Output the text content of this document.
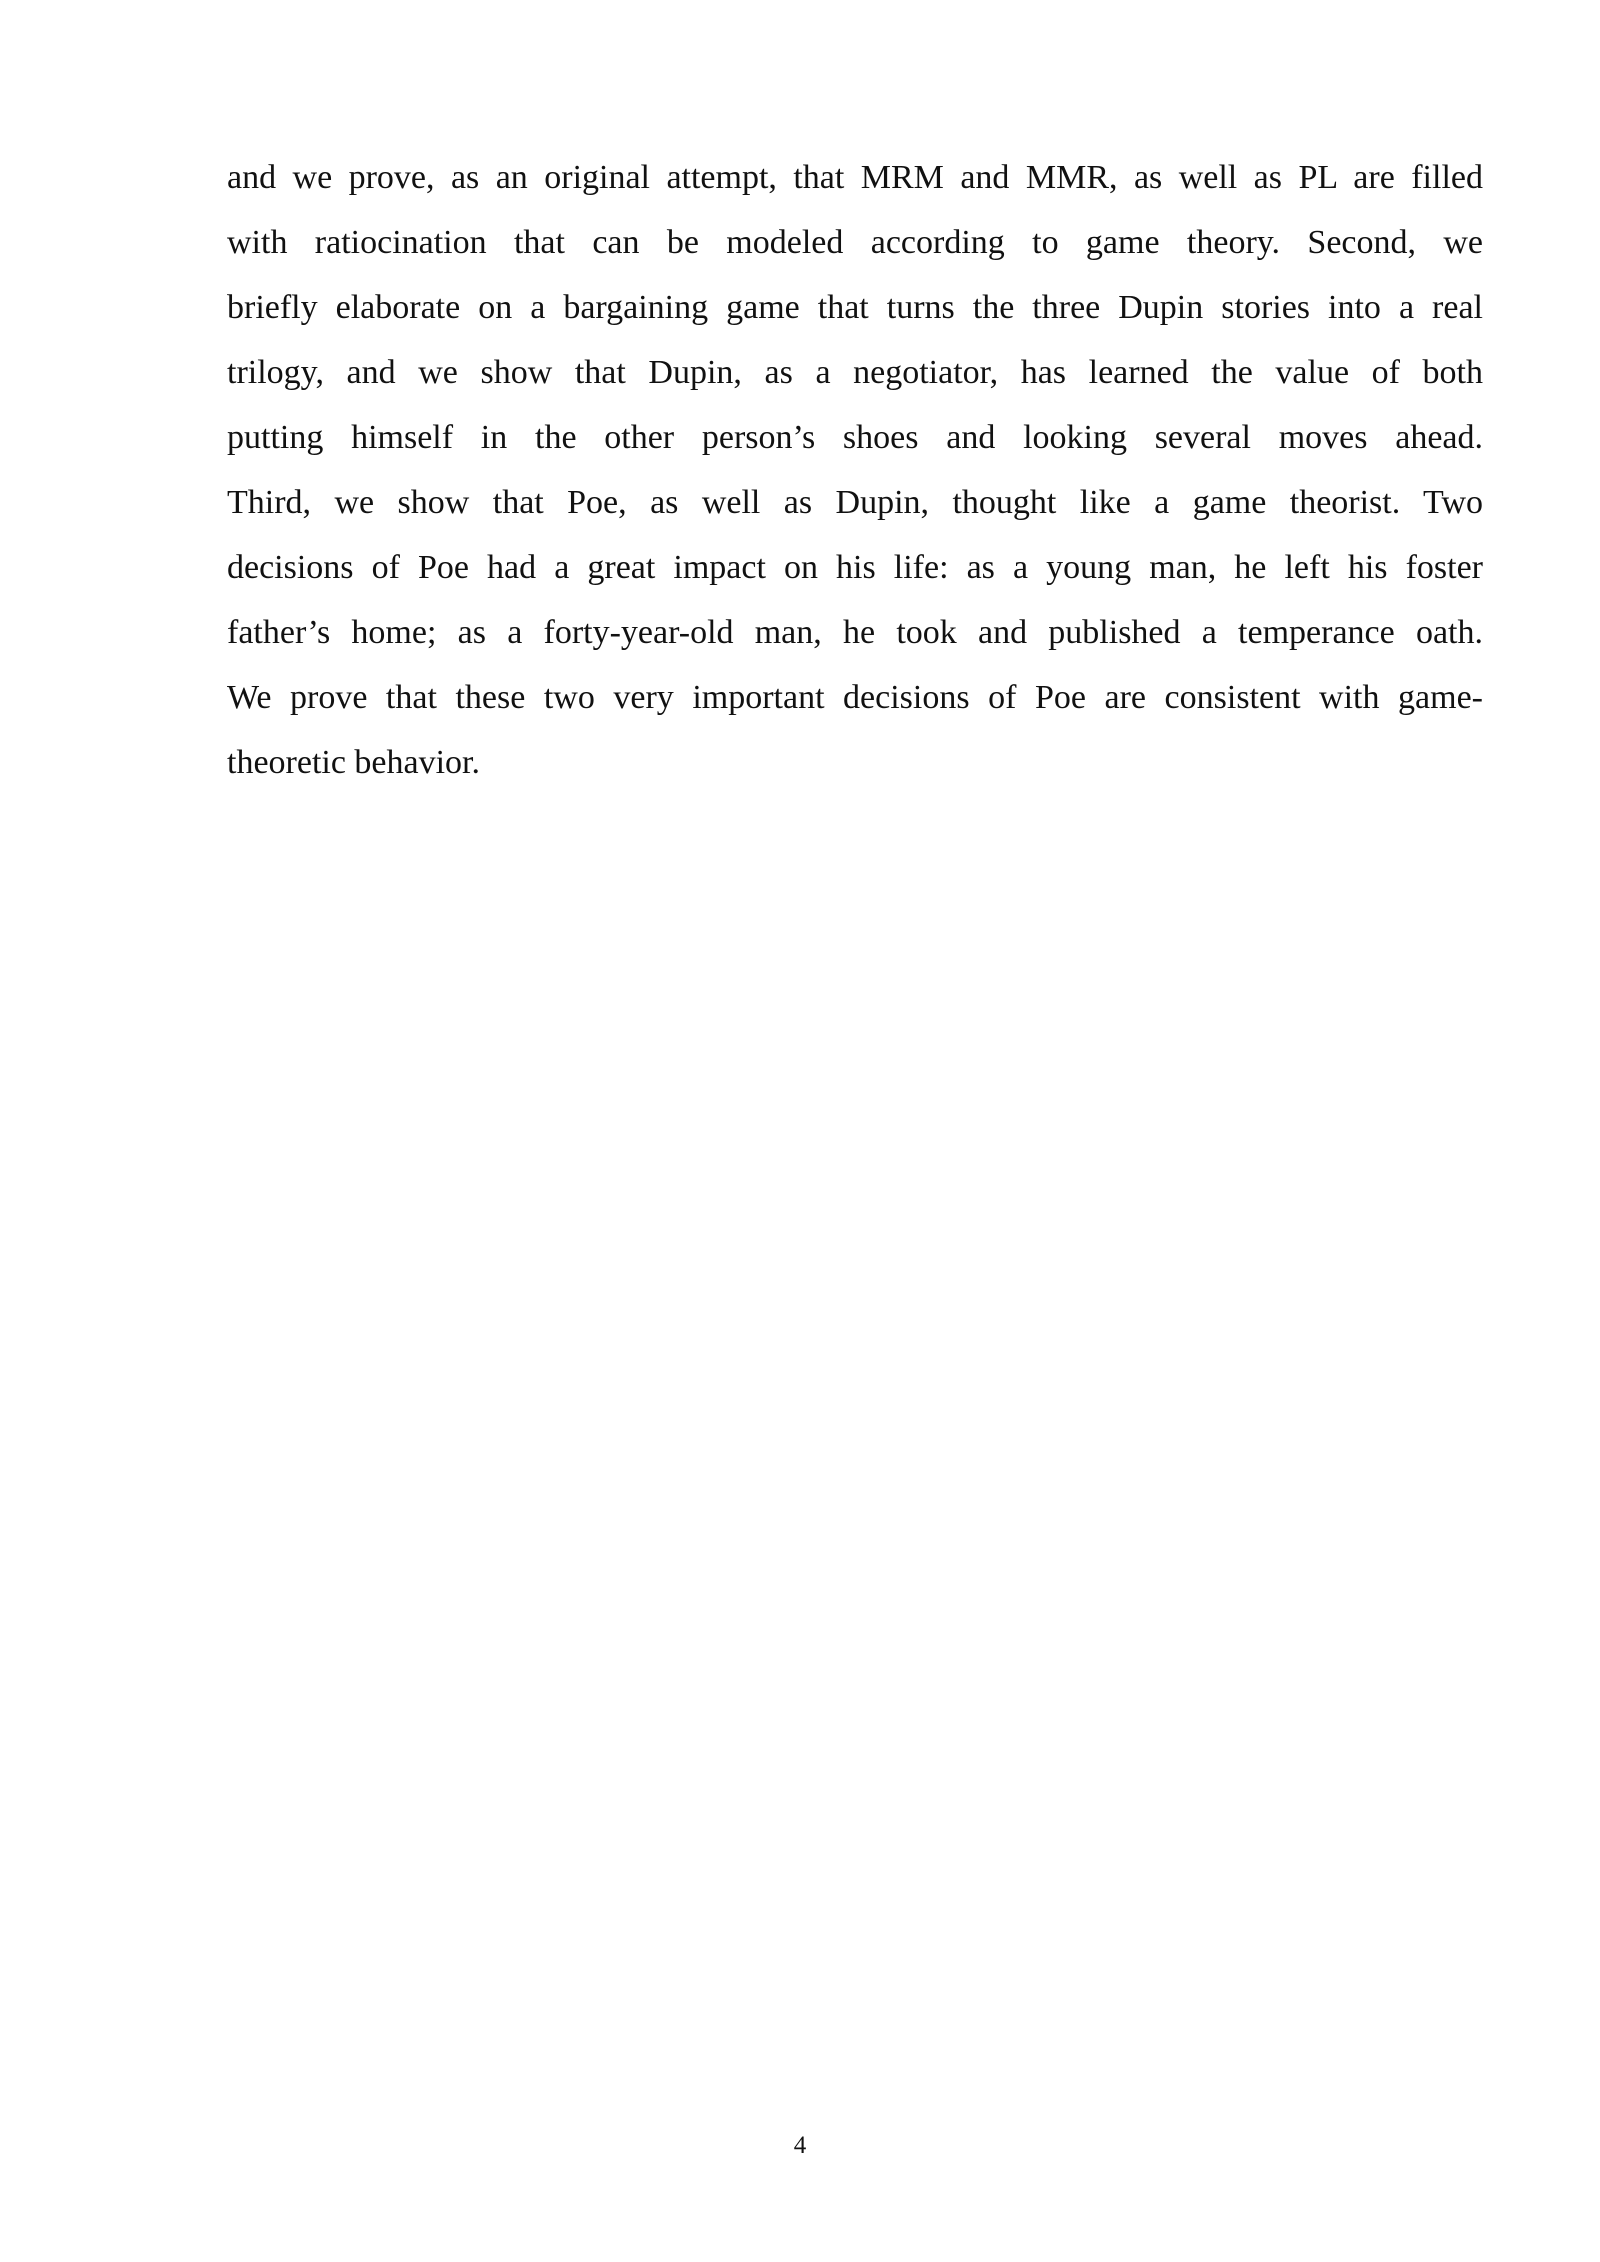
and we prove, as an original attempt, that MRM and MMR, as well as PL are filled
with ratiocination that can be modeled according to game theory. Second, we
briefly elaborate on a bargaining game that turns the three Dupin stories into a real
trilogy, and we show that Dupin, as a negotiator, has learned the value of both
putting himself in the other person’s shoes and looking several moves ahead.
Third, we show that Poe, as well as Dupin, thought like a game theorist. Two
decisions of Poe had a great impact on his life: as a young man, he left his foster
father’s home; as a forty-year-old man, he took and published a temperance oath.
We prove that these two very important decisions of Poe are consistent with game-
theoretic behavior.
4
